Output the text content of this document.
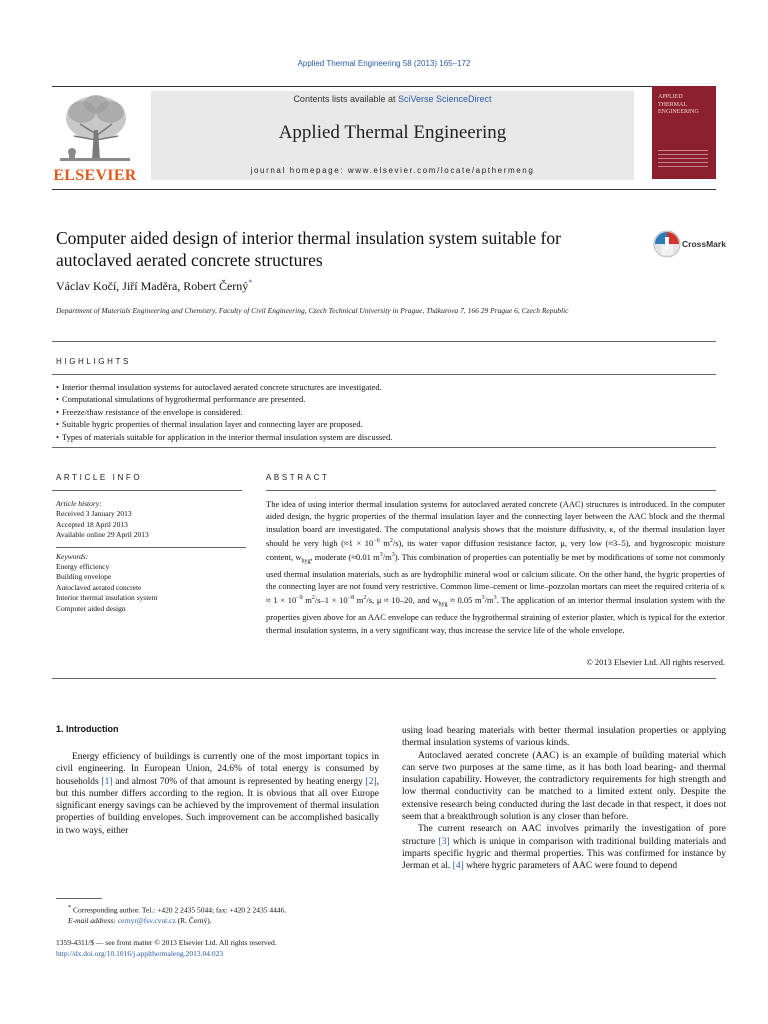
Applied Thermal Engineering 58 (2013) 165–172
ELSEVIER
Contents lists available at SciVerse ScienceDirect
Applied Thermal Engineering
journal homepage: www.elsevier.com/locate/apthermeng
APPLIED
THERMAL
ENGINEERING
Computer aided design of interior thermal insulation system suitable for autoclaved aerated concrete structures
CrossMark
Václav Kočí, Jiří Maděra, Robert Černý*
Department of Materials Engineering and Chemistry, Faculty of Civil Engineering, Czech Technical University in Prague, Thákurova 7, 166 29 Prague 6, Czech Republic
HIGHLIGHTS
• Interior thermal insulation systems for autoclaved aerated concrete structures are investigated.
• Computational simulations of hygrothermal performance are presented.
• Freeze/thaw resistance of the envelope is considered.
• Suitable hygric properties of thermal insulation layer and connecting layer are proposed.
• Types of materials suitable for application in the interior thermal insulation system are discussed.
ARTICLE INFO	ABSTRACT
Article history:
Received 3 January 2013
Accepted 18 April 2013
Available online 29 April 2013
Keywords:
Energy efficiency
Building envelope
Autoclaved aerated concrete
Interior thermal insulation system
Computer aided design
The idea of using interior thermal insulation systems for autoclaved aerated concrete (AAC) structures is introduced. In the computer aided design, the hygric properties of the thermal insulation layer and the connecting layer between the AAC block and the thermal insulation board are investigated. The computational analysis shows that the moisture diffusivity, κ, of the thermal insulation layer should be very high ($\approx 1 \times 10^{-6}$ $m^2/s$), its water vapor diffusion resistance factor, μ, very low (≈3–5), and hygroscopic moisture content, $w_{hyg}$, moderate (≈0.01 $m^3/m^3$). This combination of properties can potentially be met by modifications of some not commonly used thermal insulation materials, such as are hydrophilic mineral wool or calcium silicate. On the other hand, the hygric properties of the connecting layer are not found very restrictive. Common lime–cement or lime–pozzolan mortars can meet the required criteria of $\kappa \approx 1 \times 10^{-9}$ $m^2/s-1 \times 10^{-8}$ $m^2/s$, μ ≈ 10–20, and $w_{hyg} \approx 0.05$ $m^3/m^3$. The application of an interior thermal insulation system with the properties given above for an AAC envelope can reduce the hygrothermal straining of exterior plaster, which is typical for the exterior thermal insulation systems, in a very significant way, thus increase the service life of the whole envelope.
© 2013 Elsevier Ltd. All rights reserved.
1. Introduction

Energy efficiency of buildings is currently one of the most important topics in civil engineering. In European Union, 24.6% of total energy is consumed by households [1] and almost 70% of that amount is represented by heating energy [2], but this number differs according to the region. It is obvious that all over Europe significant energy savings can be achieved by the improvement of thermal insulation properties of building envelopes. Such improvement can be accomplished basically in two ways, either

using load bearing materials with better thermal insulation properties or applying thermal insulation systems of various kinds.

Autoclaved aerated concrete (AAC) is an example of building material which can serve two purposes at the same time, as it has both load bearing- and thermal insulation capability. However, the contradictory requirements for high strength and low thermal conductivity can be matched to a limited extent only. Despite the extensive research being conducted during the last decade in that respect, it does not seem that a breakthrough solution is any closer than before.

The current research on AAC involves primarily the investigation of pore structure [3] which is unique in comparison with traditional building materials and imparts specific hygric and thermal properties. This was confirmed for instance by Jerman et al. [4] where hygric parameters of AAC were found to depend

* Corresponding author. Tel.: +420 2 2435 5044; fax: +420 2 2435 4446.
E-mail address: cernyr@fsv.cvut.cz (R. Černý).
1359-4311/$ — see front matter © 2013 Elsevier Ltd. All rights reserved.
http://dx.doi.org/10.1016/j.applthermaleng.2013.04.023
